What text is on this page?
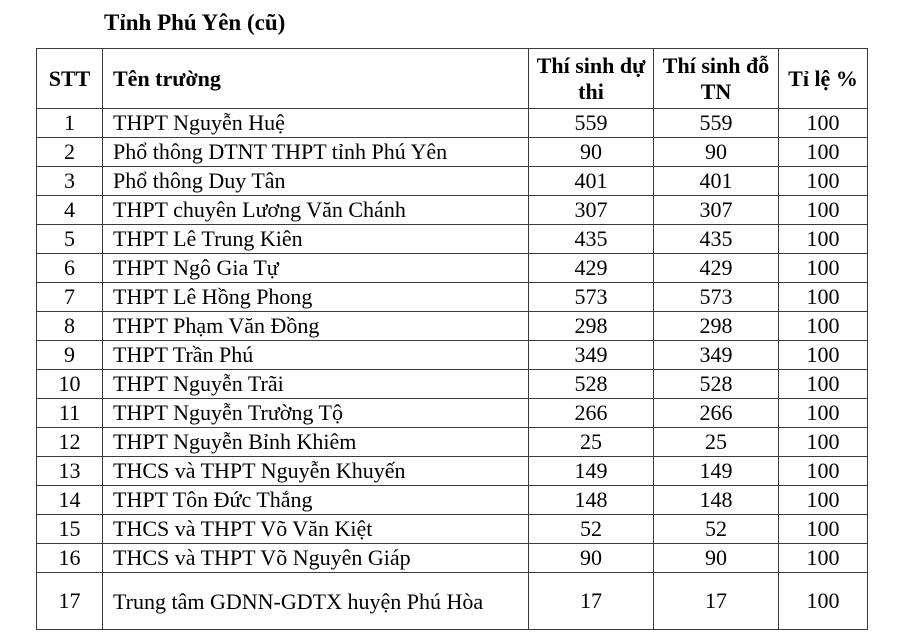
Tỉnh Phú Yên (cũ)
STT	Tên trường	Thí sinh dự thi	Thí sinh đỗ TN	Tỉ lệ %
1	THPT Nguyễn Huệ	559	559	100
2	Phổ thông DTNT THPT tỉnh Phú Yên	90	90	100
3	Phổ thông Duy Tân	401	401	100
4	THPT chuyên Lương Văn Chánh	307	307	100
5	THPT Lê Trung Kiên	435	435	100
6	THPT Ngô Gia Tự	429	429	100
7	THPT Lê Hồng Phong	573	573	100
8	THPT Phạm Văn Đồng	298	298	100
9	THPT Trần Phú	349	349	100
10	THPT Nguyễn Trãi	528	528	100
11	THPT Nguyễn Trường Tộ	266	266	100
12	THPT Nguyễn Bỉnh Khiêm	25	25	100
13	THCS và THPT Nguyễn Khuyến	149	149	100
14	THPT Tôn Đức Thắng	148	148	100
15	THCS và THPT Võ Văn Kiệt	52	52	100
16	THCS và THPT Võ Nguyên Giáp	90	90	100
17	Trung tâm GDNN-GDTX huyện Phú Hòa	17	17	100
